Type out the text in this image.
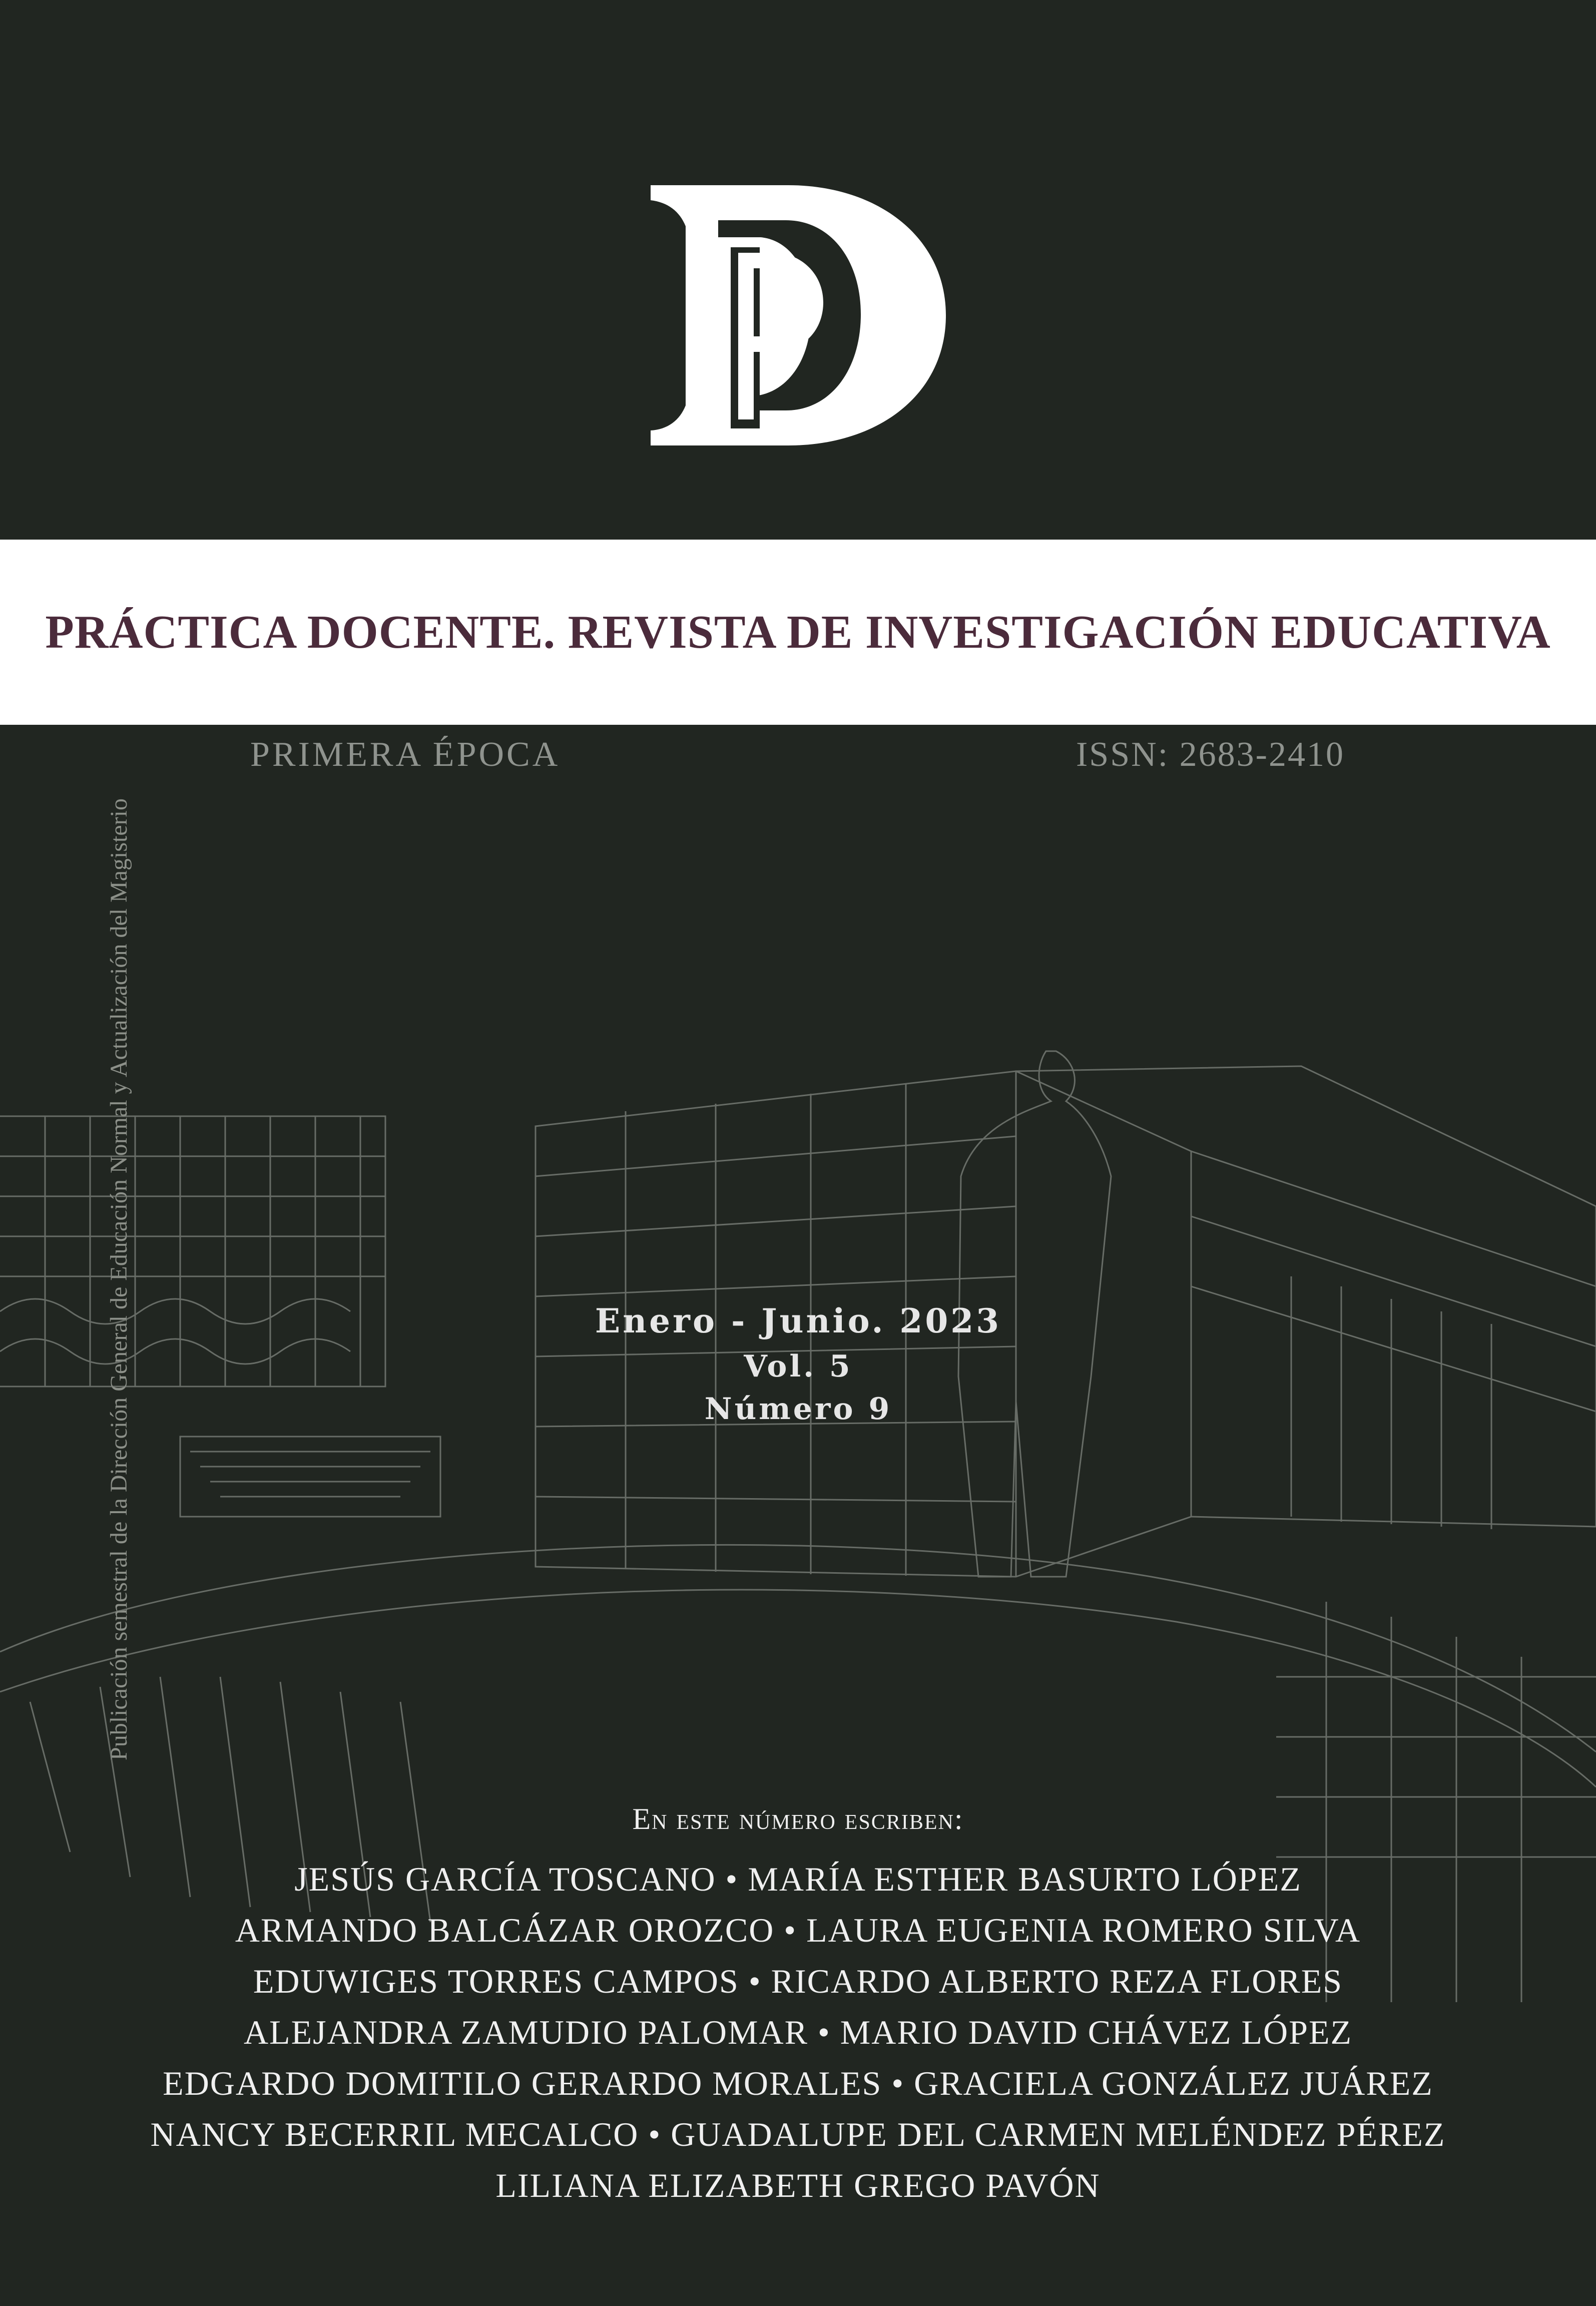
PRÁCTICA DOCENTE. REVISTA DE INVESTIGACIÓN EDUCATIVA
PRIMERA ÉPOCA	ISSN: 2683-2410
Publicación semestral de la Dirección General de Educación Normal y Actualización del Magisterio	Enero - Junio. 2023
Vol. 5
Número 9
En este número escriben:
JESÚS GARCÍA TOSCANO • MARÍA ESTHER BASURTO LÓPEZ
ARMANDO BALCÁZAR OROZCO • LAURA EUGENIA ROMERO SILVA
EDUWIGES TORRES CAMPOS • RICARDO ALBERTO REZA FLORES
ALEJANDRA ZAMUDIO PALOMAR • MARIO DAVID CHÁVEZ LÓPEZ
EDGARDO DOMITILO GERARDO MORALES • GRACIELA GONZÁLEZ JUÁREZ
NANCY BECERRIL MECALCO • GUADALUPE DEL CARMEN MELÉNDEZ PÉREZ
LILIANA ELIZABETH GREGO PAVÓN
